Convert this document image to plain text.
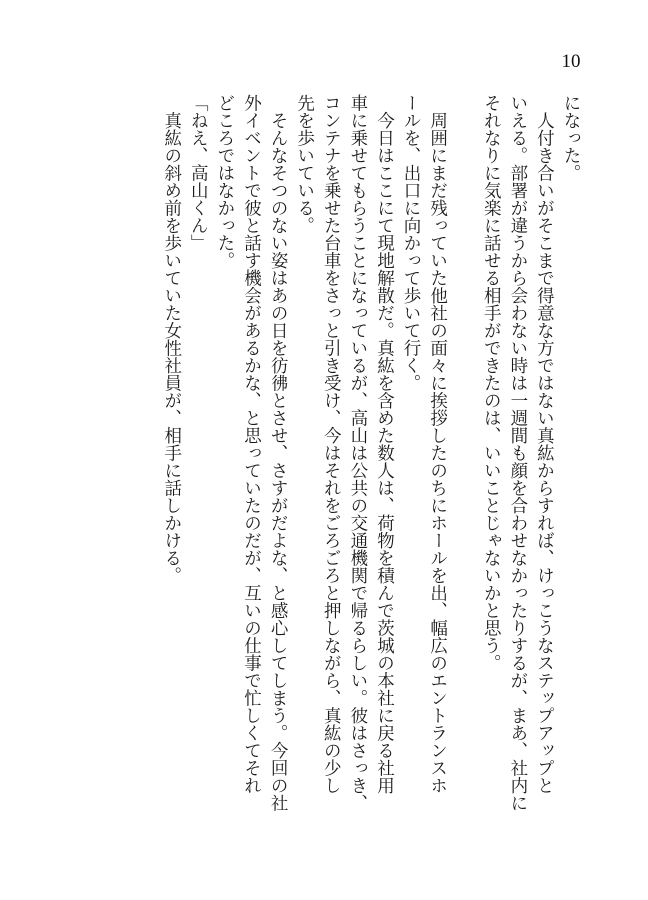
10
になった。
　人付き合いがそこまで得意な方ではない真紘からすれば、けっこうなステップアップと
いえる。部署が違うから会わない時は一週間も顔を合わせなかったりするが、まあ、社内に
それなりに気楽に話せる相手ができたのは、いいことじゃないかと思う。
　周囲にまだ残っていた他社の面々に挨拶したのちにホールを出、幅広のエントランスホ
ールを、出口に向かって歩いて行く。
　今日はここにて現地解散だ。真紘を含めた数人は、荷物を積んで茨城の本社に戻る社用
車に乗せてもらうことになっているが、高山は公共の交通機関で帰るらしい。彼はさっき、
コンテナを乗せた台車をさっと引き受け、今はそれをごろごろと押しながら、真紘の少し
先を歩いている。
　そんなそつのない姿はあの日を彷彿とさせ、さすがだよな、と感心してしまう。今回の社
外イベントで彼と話す機会があるかな、と思っていたのだが、互いの仕事で忙しくてそれ
どころではなかった。
「ねえ、高山くん」
　真紘の斜め前を歩いていた女性社員が、相手に話しかける。
